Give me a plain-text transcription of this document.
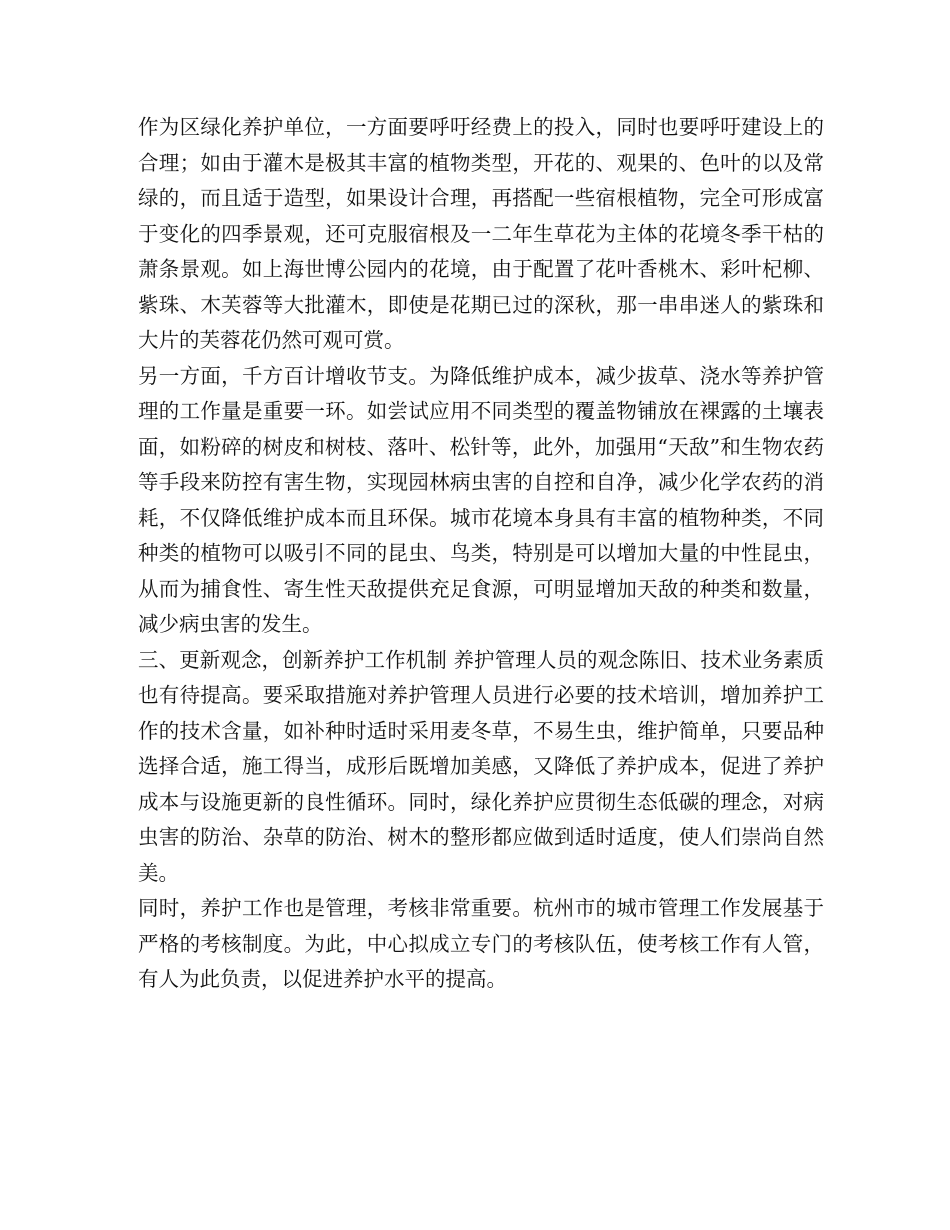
作为区绿化养护单位，一方面要呼吁经费上的投入，同时也要呼吁建设上的合理；如由于灌木是极其丰富的植物类型，开花的、观果的、色叶的以及常绿的，而且适于造型，如果设计合理，再搭配一些宿根植物，完全可形成富于变化的四季景观，还可克服宿根及一二年生草花为主体的花境冬季干枯的萧条景观。如上海世博公园内的花境，由于配置了花叶香桃木、彩叶杞柳、紫珠、木芙蓉等大批灌木，即使是花期已过的深秋，那一串串迷人的紫珠和大片的芙蓉花仍然可观可赏。

另一方面，千方百计增收节支。为降低维护成本，减少拔草、浇水等养护管理的工作量是重要一环。如尝试应用不同类型的覆盖物铺放在裸露的土壤表面，如粉碎的树皮和树枝、落叶、松针等，此外，加强用“天敌”和生物农药等手段来防控有害生物，实现园林病虫害的自控和自净，减少化学农药的消耗，不仅降低维护成本而且环保。城市花境本身具有丰富的植物种类，不同种类的植物可以吸引不同的昆虫、鸟类，特别是可以增加大量的中性昆虫，从而为捕食性、寄生性天敌提供充足食源，可明显增加天敌的种类和数量，减少病虫害的发生。

三、更新观念，创新养护工作机制 养护管理人员的观念陈旧、技术业务素质也有待提高。要采取措施对养护管理人员进行必要的技术培训，增加养护工作的技术含量，如补种时适时采用麦冬草，不易生虫，维护简单，只要品种选择合适，施工得当，成形后既增加美感，又降低了养护成本，促进了养护成本与设施更新的良性循环。同时，绿化养护应贯彻生态低碳的理念，对病虫害的防治、杂草的防治、树木的整形都应做到适时适度，使人们崇尚自然美。

同时，养护工作也是管理，考核非常重要。杭州市的城市管理工作发展基于严格的考核制度。为此，中心拟成立专门的考核队伍，使考核工作有人管，有人为此负责，以促进养护水平的提高。
